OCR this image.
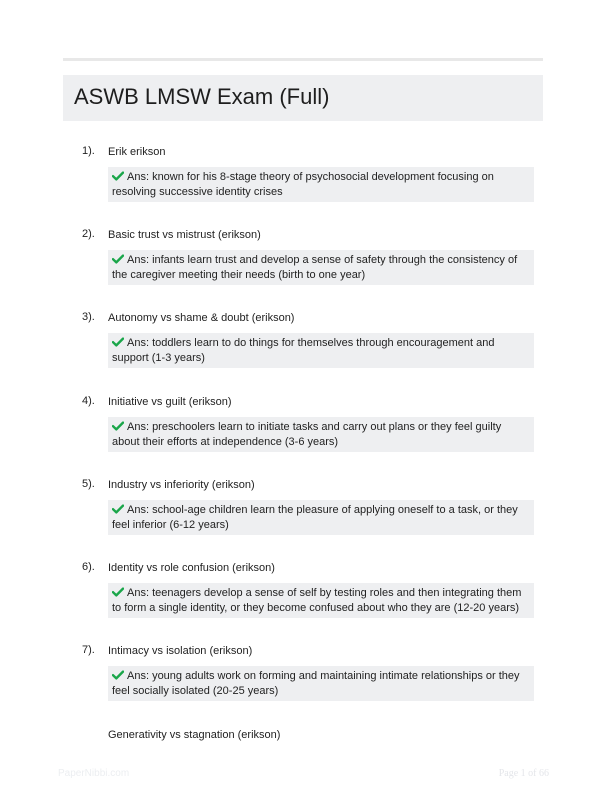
ASWB LMSW Exam (Full)
1). Erik erikson
Ans: known for his 8-stage theory of psychosocial development focusing on resolving successive identity crises
2). Basic trust vs mistrust (erikson)
Ans: infants learn trust and develop a sense of safety through the consistency of the caregiver meeting their needs (birth to one year)
3). Autonomy vs shame & doubt (erikson)
Ans: toddlers learn to do things for themselves through encouragement and support (1-3 years)
4). Initiative vs guilt (erikson)
Ans: preschoolers learn to initiate tasks and carry out plans or they feel guilty about their efforts at independence (3-6 years)
5). Industry vs inferiority (erikson)
Ans: school-age children learn the pleasure of applying oneself to a task, or they feel inferior (6-12 years)
6). Identity vs role confusion (erikson)
Ans: teenagers develop a sense of self by testing roles and then integrating them to form a single identity, or they become confused about who they are (12-20 years)
7). Intimacy vs isolation (erikson)
Ans: young adults work on forming and maintaining intimate relationships or they feel socially isolated (20-25 years)
Generativity vs stagnation (erikson)
PaperNibbi.com	Page 1 of 66
